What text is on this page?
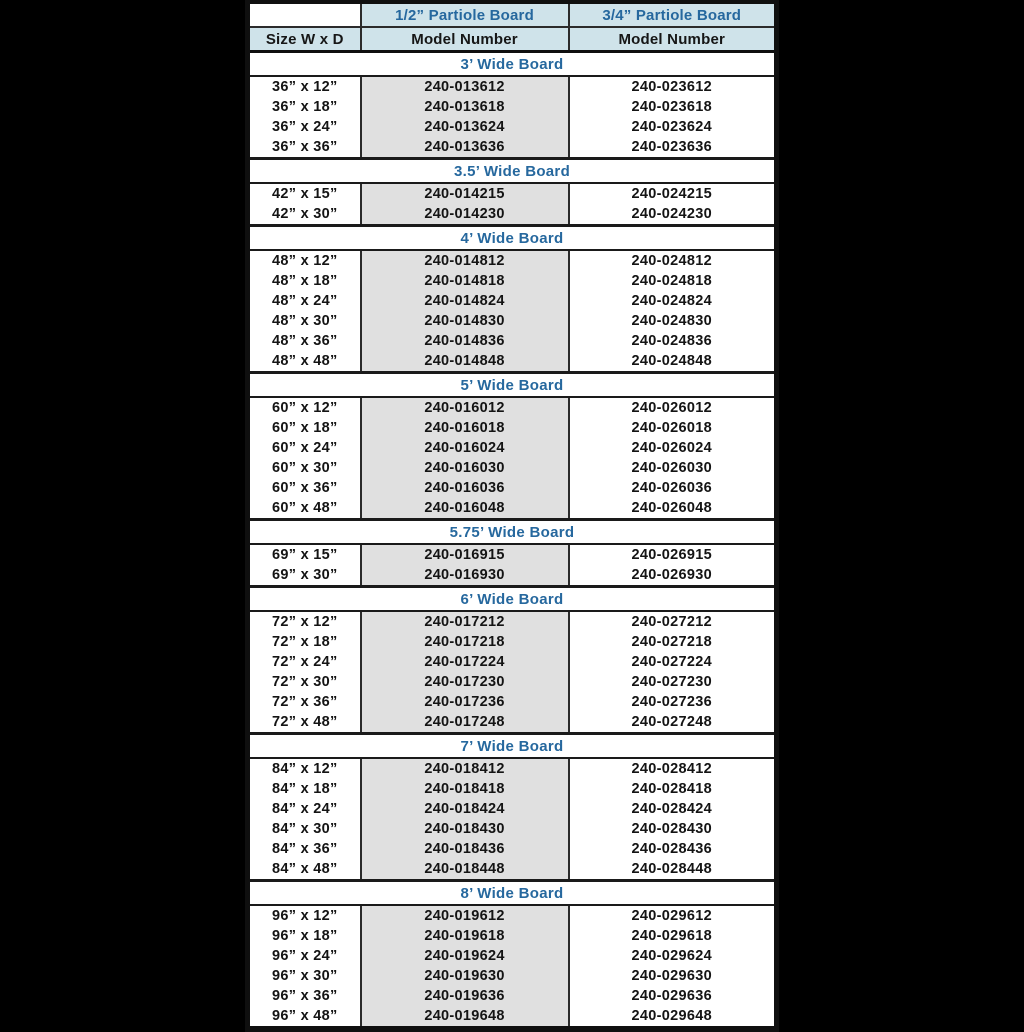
	1/2” Partiole Board	3/4” Partiole Board
Size W x D	Model Number	Model Number
3’ Wide Board		
36” x 12”	240-013612	240-023612
36” x 18”	240-013618	240-023618
36” x 24”	240-013624	240-023624
36” x 36”	240-013636	240-023636
3.5’ Wide Board		
42” x 15”	240-014215	240-024215
42” x 30”	240-014230	240-024230
4’ Wide Board		
48” x 12”	240-014812	240-024812
48” x 18”	240-014818	240-024818
48” x 24”	240-014824	240-024824
48” x 30”	240-014830	240-024830
48” x 36”	240-014836	240-024836
48” x 48”	240-014848	240-024848
5’ Wide Board		
60” x 12”	240-016012	240-026012
60” x 18”	240-016018	240-026018
60” x 24”	240-016024	240-026024
60” x 30”	240-016030	240-026030
60” x 36”	240-016036	240-026036
60” x 48”	240-016048	240-026048
5.75’ Wide Board		
69” x 15”	240-016915	240-026915
69” x 30”	240-016930	240-026930
6’ Wide Board		
72” x 12”	240-017212	240-027212
72” x 18”	240-017218	240-027218
72” x 24”	240-017224	240-027224
72” x 30”	240-017230	240-027230
72” x 36”	240-017236	240-027236
72” x 48”	240-017248	240-027248
7’ Wide Board		
84” x 12”	240-018412	240-028412
84” x 18”	240-018418	240-028418
84” x 24”	240-018424	240-028424
84” x 30”	240-018430	240-028430
84” x 36”	240-018436	240-028436
84” x 48”	240-018448	240-028448
8’ Wide Board		
96” x 12”	240-019612	240-029612
96” x 18”	240-019618	240-029618
96” x 24”	240-019624	240-029624
96” x 30”	240-019630	240-029630
96” x 36”	240-019636	240-029636
96” x 48”	240-019648	240-029648
